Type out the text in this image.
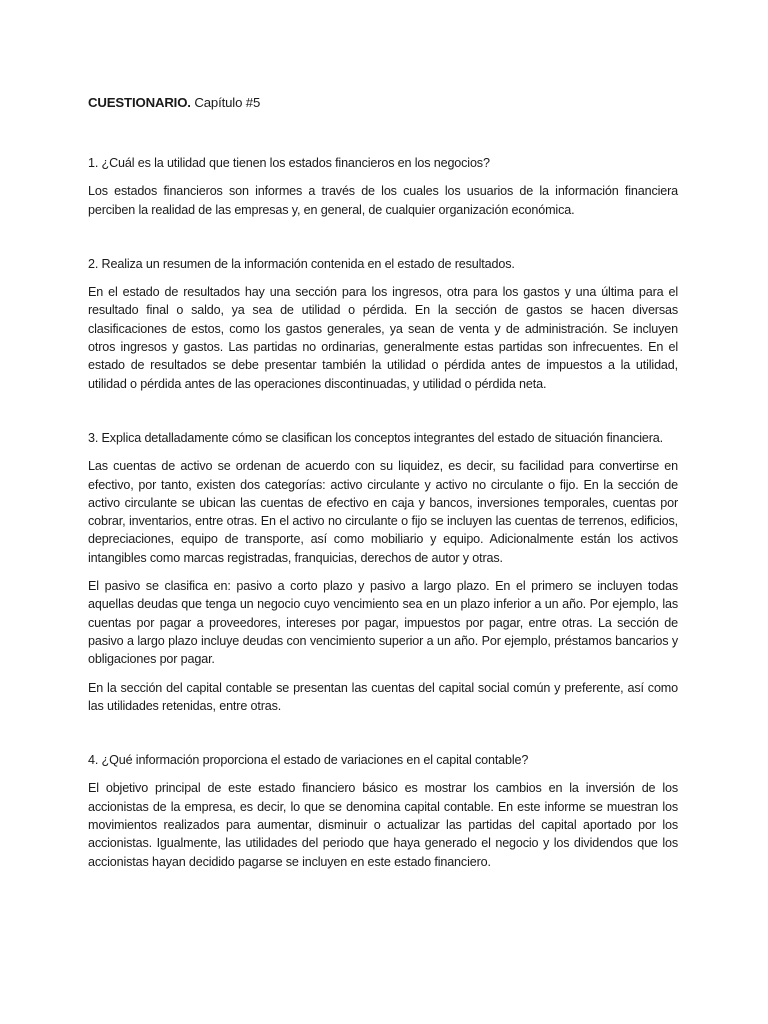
CUESTIONARIO. Capítulo #5

1. ¿Cuál es la utilidad que tienen los estados financieros en los negocios?

Los estados financieros son informes a través de los cuales los usuarios de la información financiera perciben la realidad de las empresas y, en general, de cualquier organización económica.

2. Realiza un resumen de la información contenida en el estado de resultados.

En el estado de resultados hay una sección para los ingresos, otra para los gastos y una última para el resultado final o saldo, ya sea de utilidad o pérdida. En la sección de gastos se hacen diversas clasificaciones de estos, como los gastos generales, ya sean de venta y de administración. Se incluyen otros ingresos y gastos. Las partidas no ordinarias, generalmente estas partidas son infrecuentes. En el estado de resultados se debe presentar también la utilidad o pérdida antes de impuestos a la utilidad, utilidad o pérdida antes de las operaciones discontinuadas, y utilidad o pérdida neta.

3. Explica detalladamente cómo se clasifican los conceptos integrantes del estado de situación financiera.

Las cuentas de activo se ordenan de acuerdo con su liquidez, es decir, su facilidad para convertirse en efectivo, por tanto, existen dos categorías: activo circulante y activo no circulante o fijo. En la sección de activo circulante se ubican las cuentas de efectivo en caja y bancos, inversiones temporales, cuentas por cobrar, inventarios, entre otras. En el activo no circulante o fijo se incluyen las cuentas de terrenos, edificios, depreciaciones, equipo de transporte, así como mobiliario y equipo. Adicionalmente están los activos intangibles como marcas registradas, franquicias, derechos de autor y otras.

El pasivo se clasifica en: pasivo a corto plazo y pasivo a largo plazo. En el primero se incluyen todas aquellas deudas que tenga un negocio cuyo vencimiento sea en un plazo inferior a un año. Por ejemplo, las cuentas por pagar a proveedores, intereses por pagar, impuestos por pagar, entre otras. La sección de pasivo a largo plazo incluye deudas con vencimiento superior a un año. Por ejemplo, préstamos bancarios y obligaciones por pagar.

En la sección del capital contable se presentan las cuentas del capital social común y preferente, así como las utilidades retenidas, entre otras.

4. ¿Qué información proporciona el estado de variaciones en el capital contable?

El objetivo principal de este estado financiero básico es mostrar los cambios en la inversión de los accionistas de la empresa, es decir, lo que se denomina capital contable. En este informe se muestran los movimientos realizados para aumentar, disminuir o actualizar las partidas del capital aportado por los accionistas. Igualmente, las utilidades del periodo que haya generado el negocio y los dividendos que los accionistas hayan decidido pagarse se incluyen en este estado financiero.
